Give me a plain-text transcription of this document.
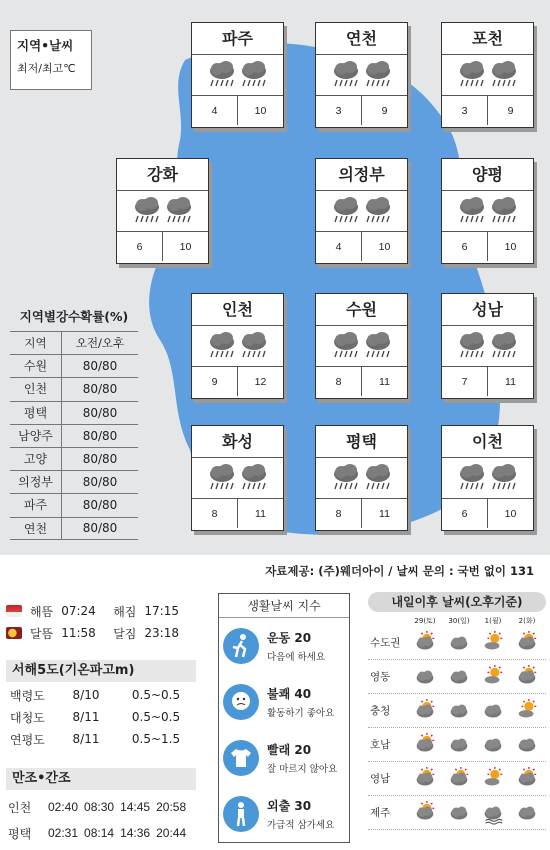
지역•날씨
최저/최고℃
파주
4	10
연천
3	9
포천
3	9
강화
6	10
의정부
4	10
양평
6	10
인천
9	12
수원
8	11
성남
7	11
화성
8	11
평택
8	11
이천
6	10
지역별강수확률(%)
지역	오전/오후
수원	80/80
인천	80/80
평택	80/80
남양주	80/80
고양	80/80
의정부	80/80
파주	80/80
연천	80/80
자료제공: (주)웨더아이 / 날씨 문의 : 국번 없이 131
해뜸 07:24	해짐 17:15
달뜸 11:58	달짐 23:18
서해5도(기온파고m)
백령도	8/10	0.5~0.5
대청도	8/11	0.5~0.5
연평도	8/11	0.5~1.5
만조•간조
인천	02:40 08:30 14:45 20:58
평택	02:31 08:14 14:36 20:44
생활날씨 지수
운동 20
다음에 하세요
불쾌 40
활동하기 좋아요
빨래 20
잘 마르지 않아요
외출 30
가급적 삼가세요
내일이후 날씨(오후기준)
29(토)	30(일)	1(월)	2(화)
수도권
영동
충청
호남
영남
제주
